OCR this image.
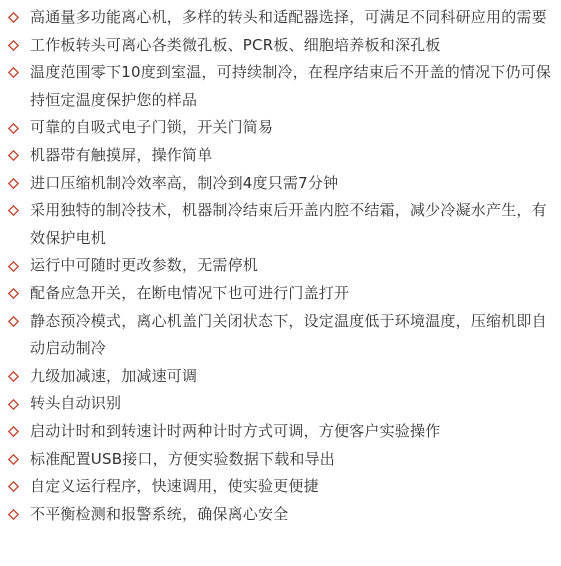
高通量多功能离心机，多样的转头和适配器选择，可满足不同科研应用的需要
工作板转头可离心各类微孔板、PCR板、细胞培养板和深孔板
温度范围零下10度到室温，可持续制冷，在程序结束后不开盖的情况下仍可保持恒定温度保护您的样品
可靠的自吸式电子门锁，开关门简易
机器带有触摸屏，操作简单
进口压缩机制冷效率高，制冷到4度只需7分钟
采用独特的制冷技术，机器制冷结束后开盖内腔不结霜，减少冷凝水产生，有效保护电机
运行中可随时更改参数，无需停机
配备应急开关，在断电情况下也可进行门盖打开
静态预冷模式，离心机盖门关闭状态下，设定温度低于环境温度，压缩机即自动启动制冷
九级加减速，加减速可调
转头自动识别
启动计时和到转速计时两种计时方式可调，方便客户实验操作
标准配置USB接口，方便实验数据下载和导出
自定义运行程序，快速调用，使实验更便捷
不平衡检测和报警系统，确保离心安全
